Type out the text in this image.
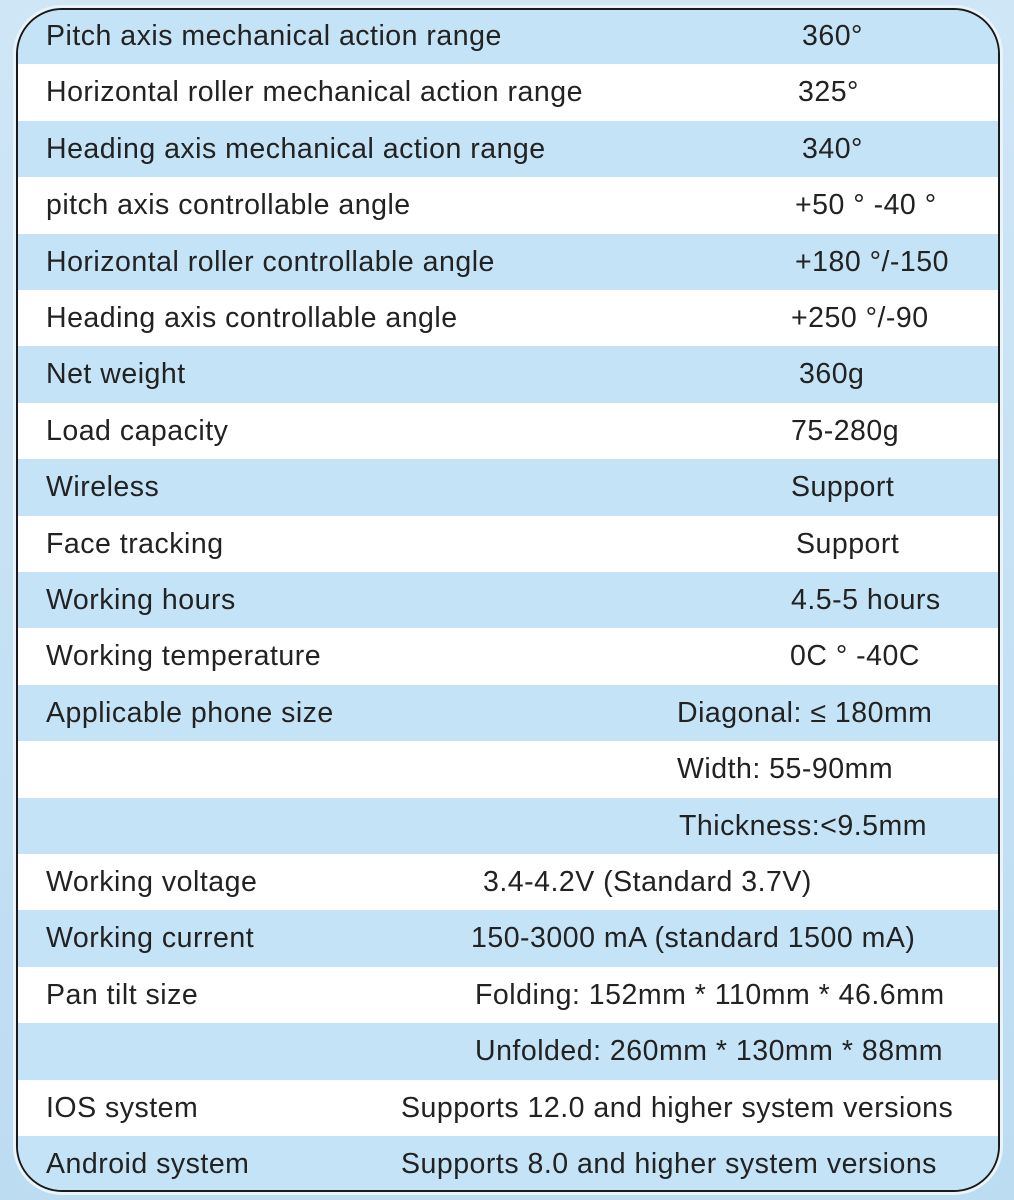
Pitch axis mechanical action range	360°
Horizontal roller mechanical action range	325°
Heading axis mechanical action range	340°
pitch axis controllable angle	+50 ° -40 °
Horizontal roller controllable angle	+180 °/-150
Heading axis controllable angle	+250 °/-90
Net weight	360g
Load capacity	75-280g
Wireless	Support
Face tracking	Support
Working hours	4.5-5 hours
Working temperature	0C ° -40C
Applicable phone size	Diagonal: ≤ 180mm
Width: 55-90mm
Thickness:<9.5mm
Working voltage	3.4-4.2V (Standard 3.7V)
Working current	150-3000 mA (standard 1500 mA)
Pan tilt size	Folding: 152mm * 110mm * 46.6mm
Unfolded: 260mm * 130mm * 88mm
IOS system	Supports 12.0 and higher system versions
Android system	Supports 8.0 and higher system versions
